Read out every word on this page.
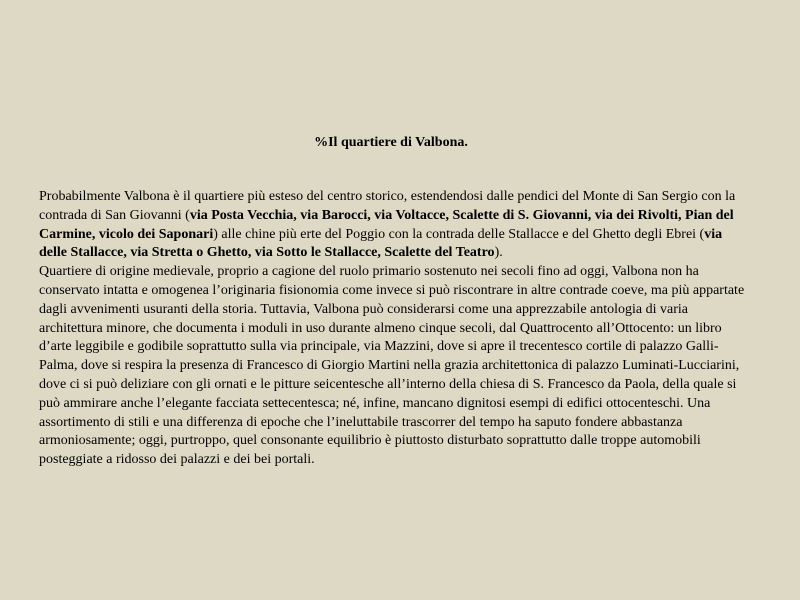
%Il quartiere di Valbona.

Probabilmente Valbona è il quartiere più esteso del centro storico, estendendosi dalle pendici del Monte di San Sergio con la contrada di San Giovanni (via Posta Vecchia, via Barocci, via Voltacce, Scalette di S. Giovanni, via dei Rivolti, Pian del Carmine, vicolo dei Saponari) alle chine più erte del Poggio con la contrada delle Stallacce e del Ghetto degli Ebrei (via delle Stallacce, via Stretta o Ghetto, via Sotto le Stallacce, Scalette del Teatro).

Quartiere di origine medievale, proprio a cagione del ruolo primario sostenuto nei secoli fino ad oggi, Valbona non ha conservato intatta e omogenea l’originaria fisionomia come invece si può riscontrare in altre contrade coeve, ma più appartate dagli avvenimenti usuranti della storia. Tuttavia, Valbona può considerarsi come una apprezzabile antologia di varia architettura minore, che documenta i moduli in uso durante almeno cinque secoli, dal Quattrocento all’Ottocento: un libro d’arte leggibile e godibile soprattutto sulla via principale, via Mazzini, dove si apre il trecentesco cortile di palazzo Galli-Palma, dove si respira la presenza di Francesco di Giorgio Martini nella grazia architettonica di palazzo Luminati-Lucciarini, dove ci si può deliziare con gli ornati e le pitture seicentesche all’interno della chiesa di S. Francesco da Paola, della quale si può ammirare anche l’elegante facciata settecentesca; né, infine, mancano dignitosi esempi di edifici ottocenteschi. Una assortimento di stili e una differenza di epoche che l’ineluttabile trascorrer del tempo ha saputo fondere abbastanza armoniosamente; oggi, purtroppo, quel consonante equilibrio è piuttosto disturbato soprattutto dalle troppe automobili posteggiate a ridosso dei palazzi e dei bei portali.
